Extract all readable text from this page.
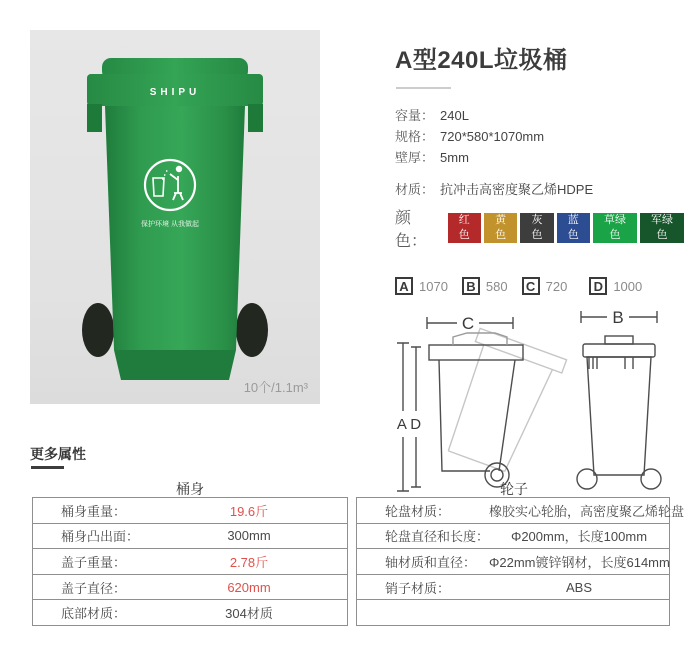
SHIPU
保护环境 从我做起
10个/1.1m³
A型240L垃圾桶
容量： 240L
规格： 720*580*1070mm
壁厚： 5mm
材质： 抗冲击高密度聚乙烯HDPE
颜色：
红色
黄色
灰色
蓝色
草绿色
军绿色
A 1070	B 580	C 720	D 1000
C
A D
B
更多属性
桶身	轮子
桶身重量：	19.6斤
桶身凸出面：	300mm
盖子重量：	2.78斤
盖子直径：	620mm
底部材质：	304材质
轮盘材质：	橡胶实心轮胎，高密度聚乙烯轮盘
轮盘直径和长度：	Φ200mm，长度100mm
轴材质和直径： Φ22mm镀锌钢材，长度614mm
销子材质：	ABS
